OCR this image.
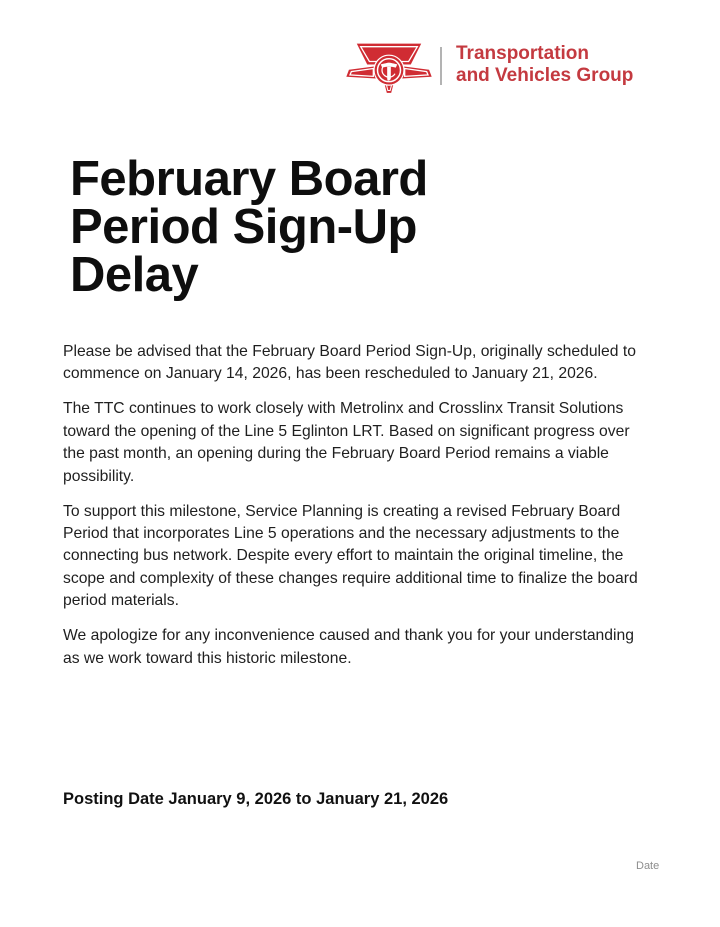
Transportation
and Vehicles Group
February Board Period Sign-Up Delay

Please be advised that the February Board Period Sign-Up, originally scheduled to commence on January 14, 2026, has been rescheduled to January 21, 2026.

The TTC continues to work closely with Metrolinx and Crosslinx Transit Solutions toward the opening of the Line 5 Eglinton LRT. Based on significant progress over the past month, an opening during the February Board Period remains a viable possibility.

To support this milestone, Service Planning is creating a revised February Board Period that incorporates Line 5 operations and the necessary adjustments to the connecting bus network. Despite every effort to maintain the original timeline, the scope and complexity of these changes require additional time to finalize the board period materials.

We apologize for any inconvenience caused and thank you for your understanding as we work toward this historic milestone.

Posting Date January 9, 2026 to January 21, 2026
Date
